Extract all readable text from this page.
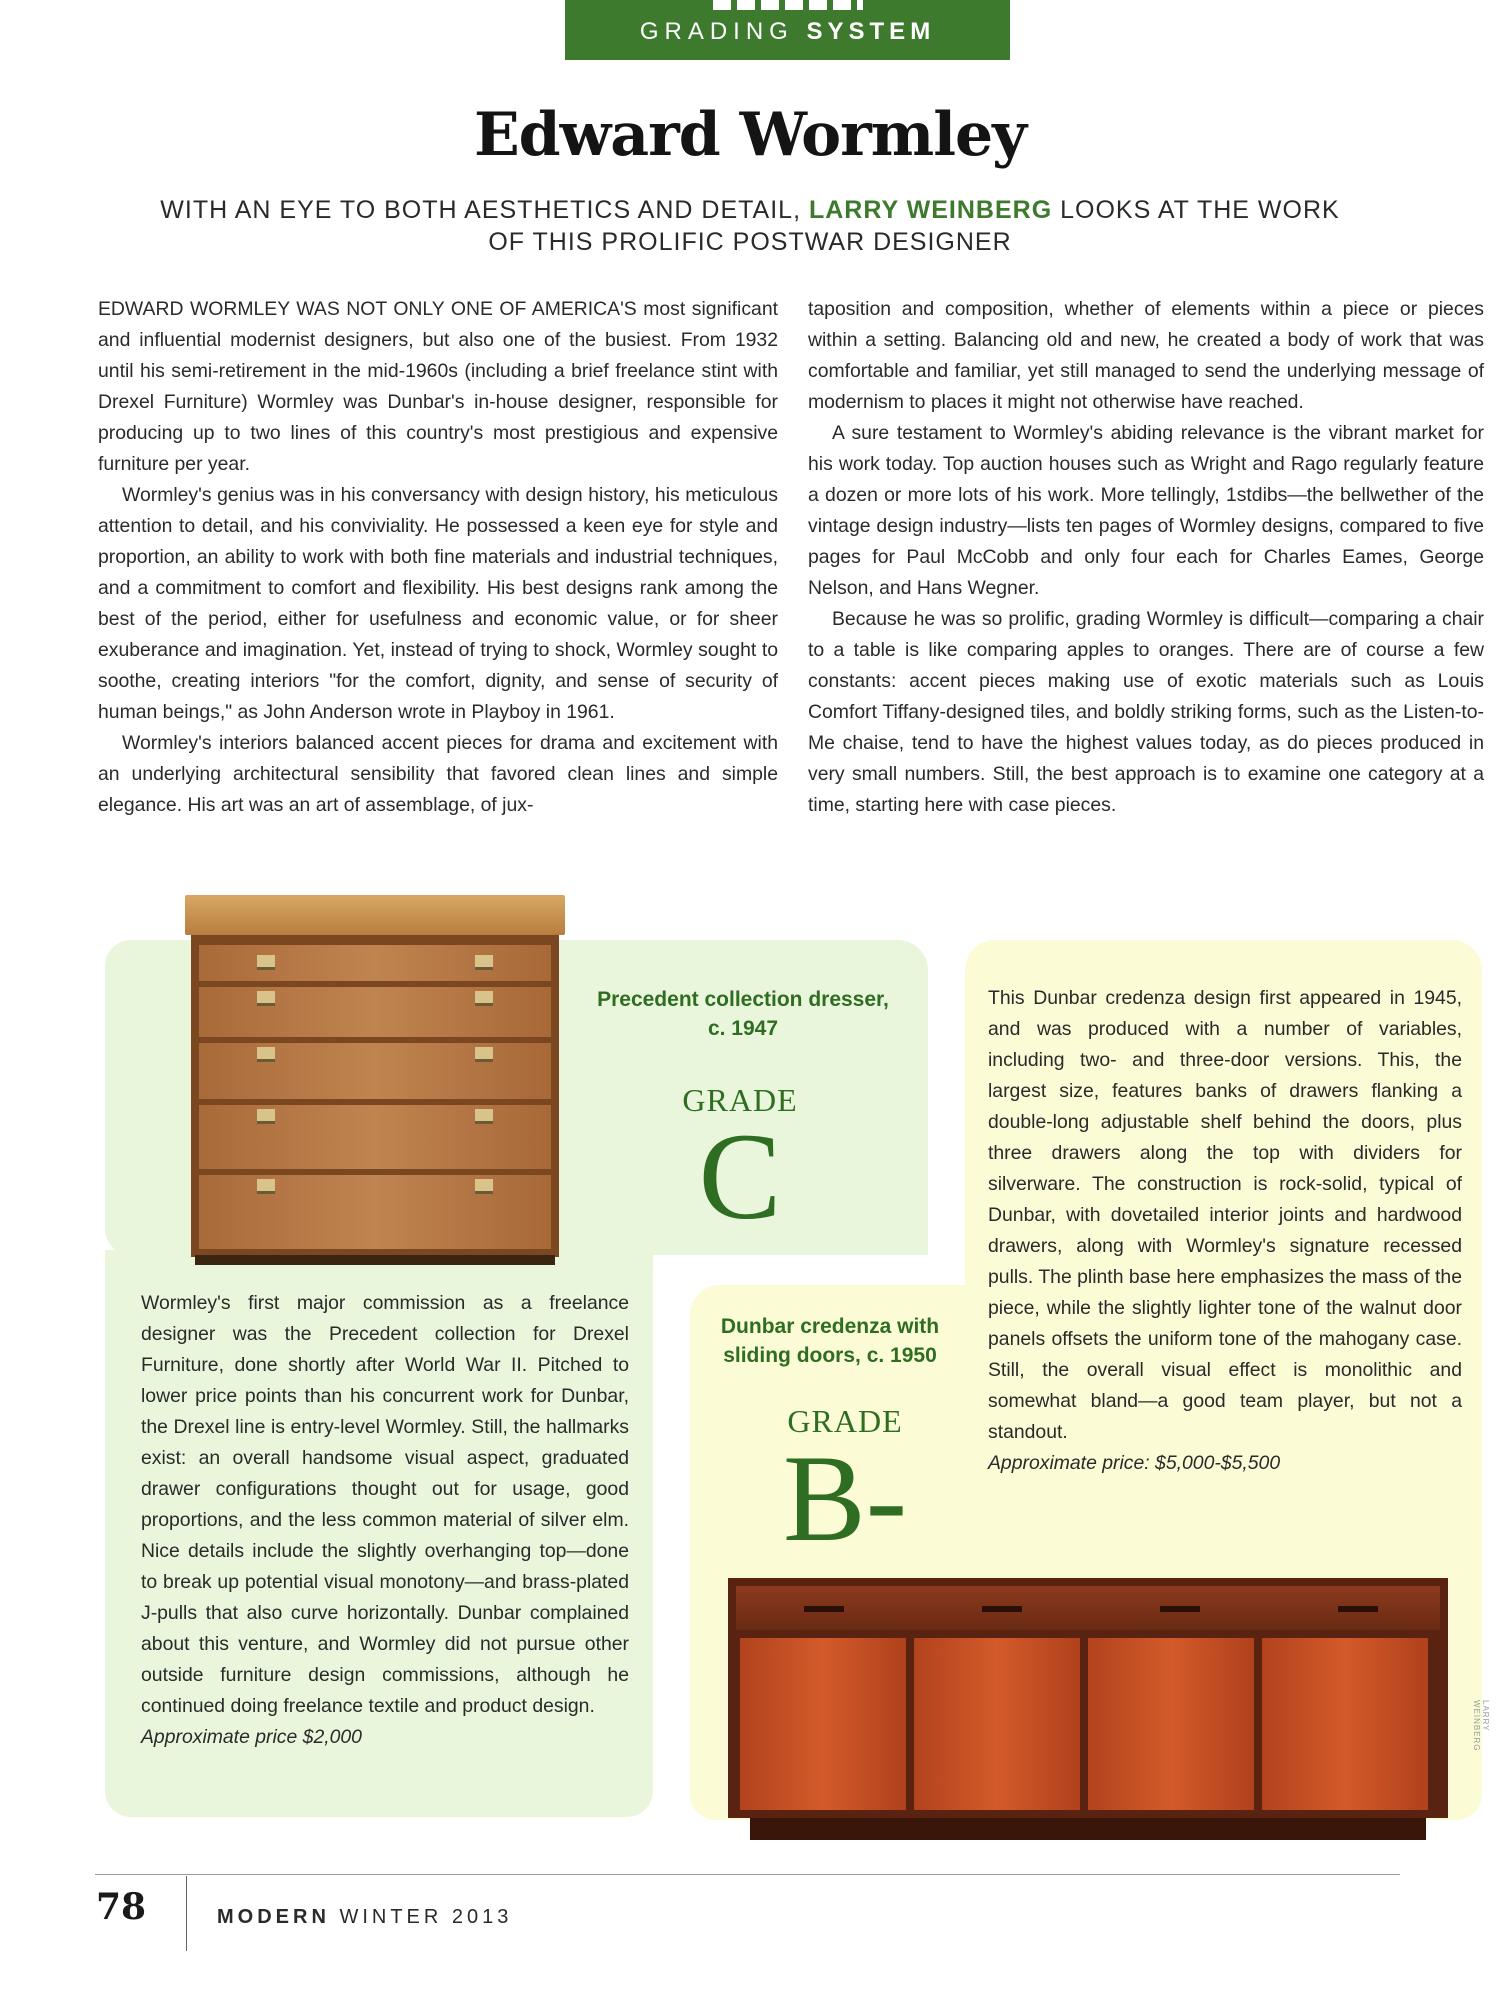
GRADING SYSTEM
Edward Wormley
WITH AN EYE TO BOTH AESTHETICS AND DETAIL, LARRY WEINBERG LOOKS AT THE WORK OF THIS PROLIFIC POSTWAR DESIGNER

EDWARD WORMLEY WAS NOT ONLY ONE OF AMERICA'S most significant and influential modernist designers, but also one of the busiest. From 1932 until his semi-retirement in the mid-1960s (including a brief freelance stint with Drexel Furniture) Wormley was Dunbar's in-house designer, responsible for producing up to two lines of this country's most prestigious and expensive furniture per year.

Wormley's genius was in his conversancy with design history, his meticulous attention to detail, and his conviviality. He possessed a keen eye for style and proportion, an ability to work with both fine materials and industrial techniques, and a commitment to comfort and flexibility. His best designs rank among the best of the period, either for usefulness and economic value, or for sheer exuberance and imagination. Yet, instead of trying to shock, Wormley sought to soothe, creating interiors "for the comfort, dignity, and sense of security of human beings," as John Anderson wrote in Playboy in 1961.

Wormley's interiors balanced accent pieces for drama and excitement with an underlying architectural sensibility that favored clean lines and simple elegance. His art was an art of assemblage, of jux-

taposition and composition, whether of elements within a piece or pieces within a setting. Balancing old and new, he created a body of work that was comfortable and familiar, yet still managed to send the underlying message of modernism to places it might not otherwise have reached.

A sure testament to Wormley's abiding relevance is the vibrant market for his work today. Top auction houses such as Wright and Rago regularly feature a dozen or more lots of his work. More tellingly, 1stdibs—the bellwether of the vintage design industry—lists ten pages of Wormley designs, compared to five pages for Paul McCobb and only four each for Charles Eames, George Nelson, and Hans Wegner.

Because he was so prolific, grading Wormley is difficult—comparing a chair to a table is like comparing apples to oranges. There are of course a few constants: accent pieces making use of exotic materials such as Louis Comfort Tiffany-designed tiles, and boldly striking forms, such as the Listen-to-Me chaise, tend to have the highest values today, as do pieces produced in very small numbers. Still, the best approach is to examine one category at a time, starting here with case pieces.

Precedent collection dresser,
c. 1947
GRADE
C
Wormley's first major commission as a freelance designer was the Precedent collection for Drexel Furniture, done shortly after World War II. Pitched to lower price points than his concurrent work for Dunbar, the Drexel line is entry-level Wormley. Still, the hallmarks exist: an overall handsome visual aspect, graduated drawer configurations thought out for usage, good proportions, and the less common material of silver elm. Nice details include the slightly overhanging top—done to break up potential visual monotony—and brass-plated J-pulls that also curve horizontally. Dunbar complained about this venture, and Wormley did not pursue other outside furniture design commissions, although he continued doing freelance textile and product design.
Approximate price $2,000
This Dunbar credenza design first appeared in 1945, and was produced with a number of variables, including two- and three-door versions. This, the largest size, features banks of drawers flanking a double-long adjustable shelf behind the doors, plus three drawers along the top with dividers for silverware. The construction is rock-solid, typical of Dunbar, with dovetailed interior joints and hardwood drawers, along with Wormley's signature recessed pulls. The plinth base here emphasizes the mass of the piece, while the slightly lighter tone of the walnut door panels offsets the uniform tone of the mahogany case. Still, the overall visual effect is monolithic and somewhat bland—a good team player, but not a standout.
Approximate price: $5,000-$5,500
Dunbar credenza with
sliding doors, c. 1950
GRADE
B-
LARRY WEINBERG
78	MODERN WINTER 2013
